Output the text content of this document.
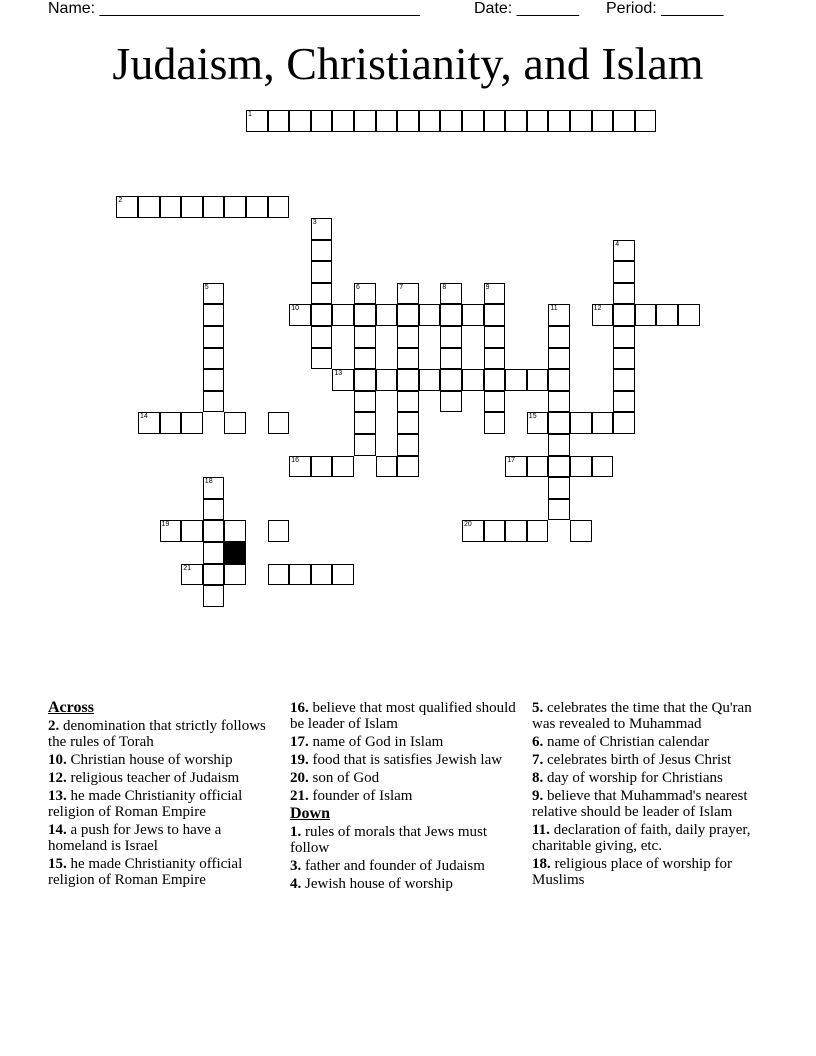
Name: ____________________________________	Date: _______ Period: _______
Judaism, Christianity, and Islam
1
2
3
4
5	6	7	8	9
11
10	12
13
14	15
16	17
18
19	20
21
Across
2. denomination that strictly follows the rules of Torah
10. Christian house of worship
12. religious teacher of Judaism
13. he made Christianity official religion of Roman Empire
14. a push for Jews to have a homeland is Israel
15. he made Christianity official religion of Roman Empire
16. believe that most qualified should be leader of Islam
17. name of God in Islam
19. food that is satisfies Jewish law
20. son of God
21. founder of Islam
Down
1. rules of morals that Jews must follow
3. father and founder of Judaism
4. Jewish house of worship
5. celebrates the time that the Qu'ran was revealed to Muhammad
6. name of Christian calendar
7. celebrates birth of Jesus Christ
8. day of worship for Christians
9. believe that Muhammad's nearest relative should be leader of Islam
11. declaration of faith, daily prayer, charitable giving, etc.
18. religious place of worship for Muslims
